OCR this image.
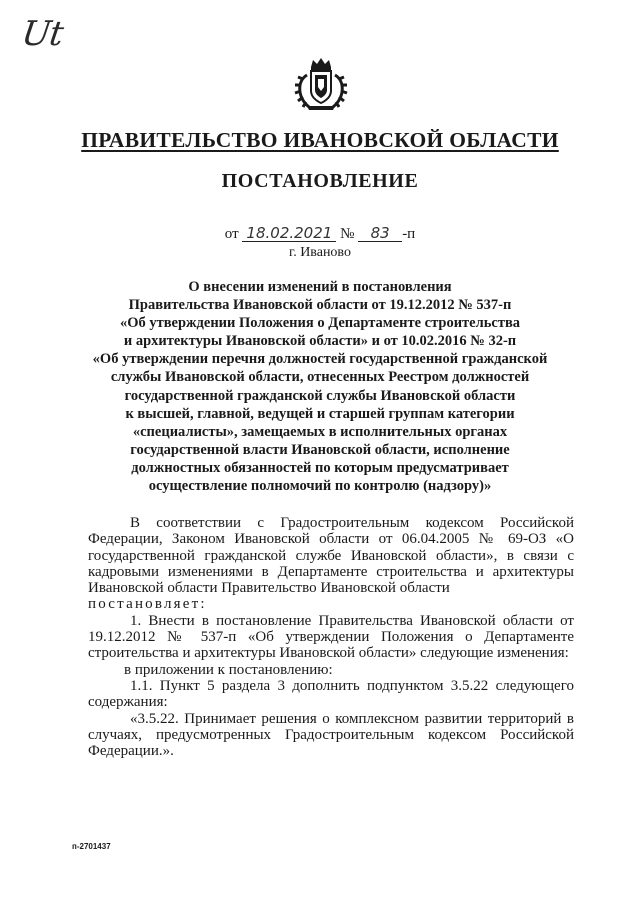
Ut
ПРАВИТЕЛЬСТВО ИВАНОВСКОЙ ОБЛАСТИ
ПОСТАНОВЛЕНИЕ
от 18.02.2021 № 83 -п
г. Иваново
О внесении изменений в постановления
Правительства Ивановской области от 19.12.2012 № 537-п
«Об утверждении Положения о Департаменте строительства
и архитектуры Ивановской области» и от 10.02.2016 № 32-п
«Об утверждении перечня должностей государственной гражданской
службы Ивановской области, отнесенных Реестром должностей
государственной гражданской службы Ивановской области
к высшей, главной, ведущей и старшей группам категории
«специалисты», замещаемых в исполнительных органах
государственной власти Ивановской области, исполнение
должностных обязанностей по которым предусматривает
осуществление полномочий по контролю (надзору)»

В соответствии с Градостроительным кодексом Российской Федерации, Законом Ивановской области от 06.04.2005 № 69-ОЗ «О государственной гражданской службе Ивановской области», в связи с кадровыми изменениями в Департаменте строительства и архитектуры Ивановской области Правительство Ивановской области
постановляет:

1. Внести в постановление Правительства Ивановской области от 19.12.2012 № 537-п «Об утверждении Положения о Департаменте строительства и архитектуры Ивановской области» следующие изменения:

в приложении к постановлению:

1.1. Пункт 5 раздела 3 дополнить подпунктом 3.5.22 следующего содержания:

«3.5.22. Принимает решения о комплексном развитии территорий в случаях, предусмотренных Градостроительным кодексом Российской Федерации.».

п-2701437
